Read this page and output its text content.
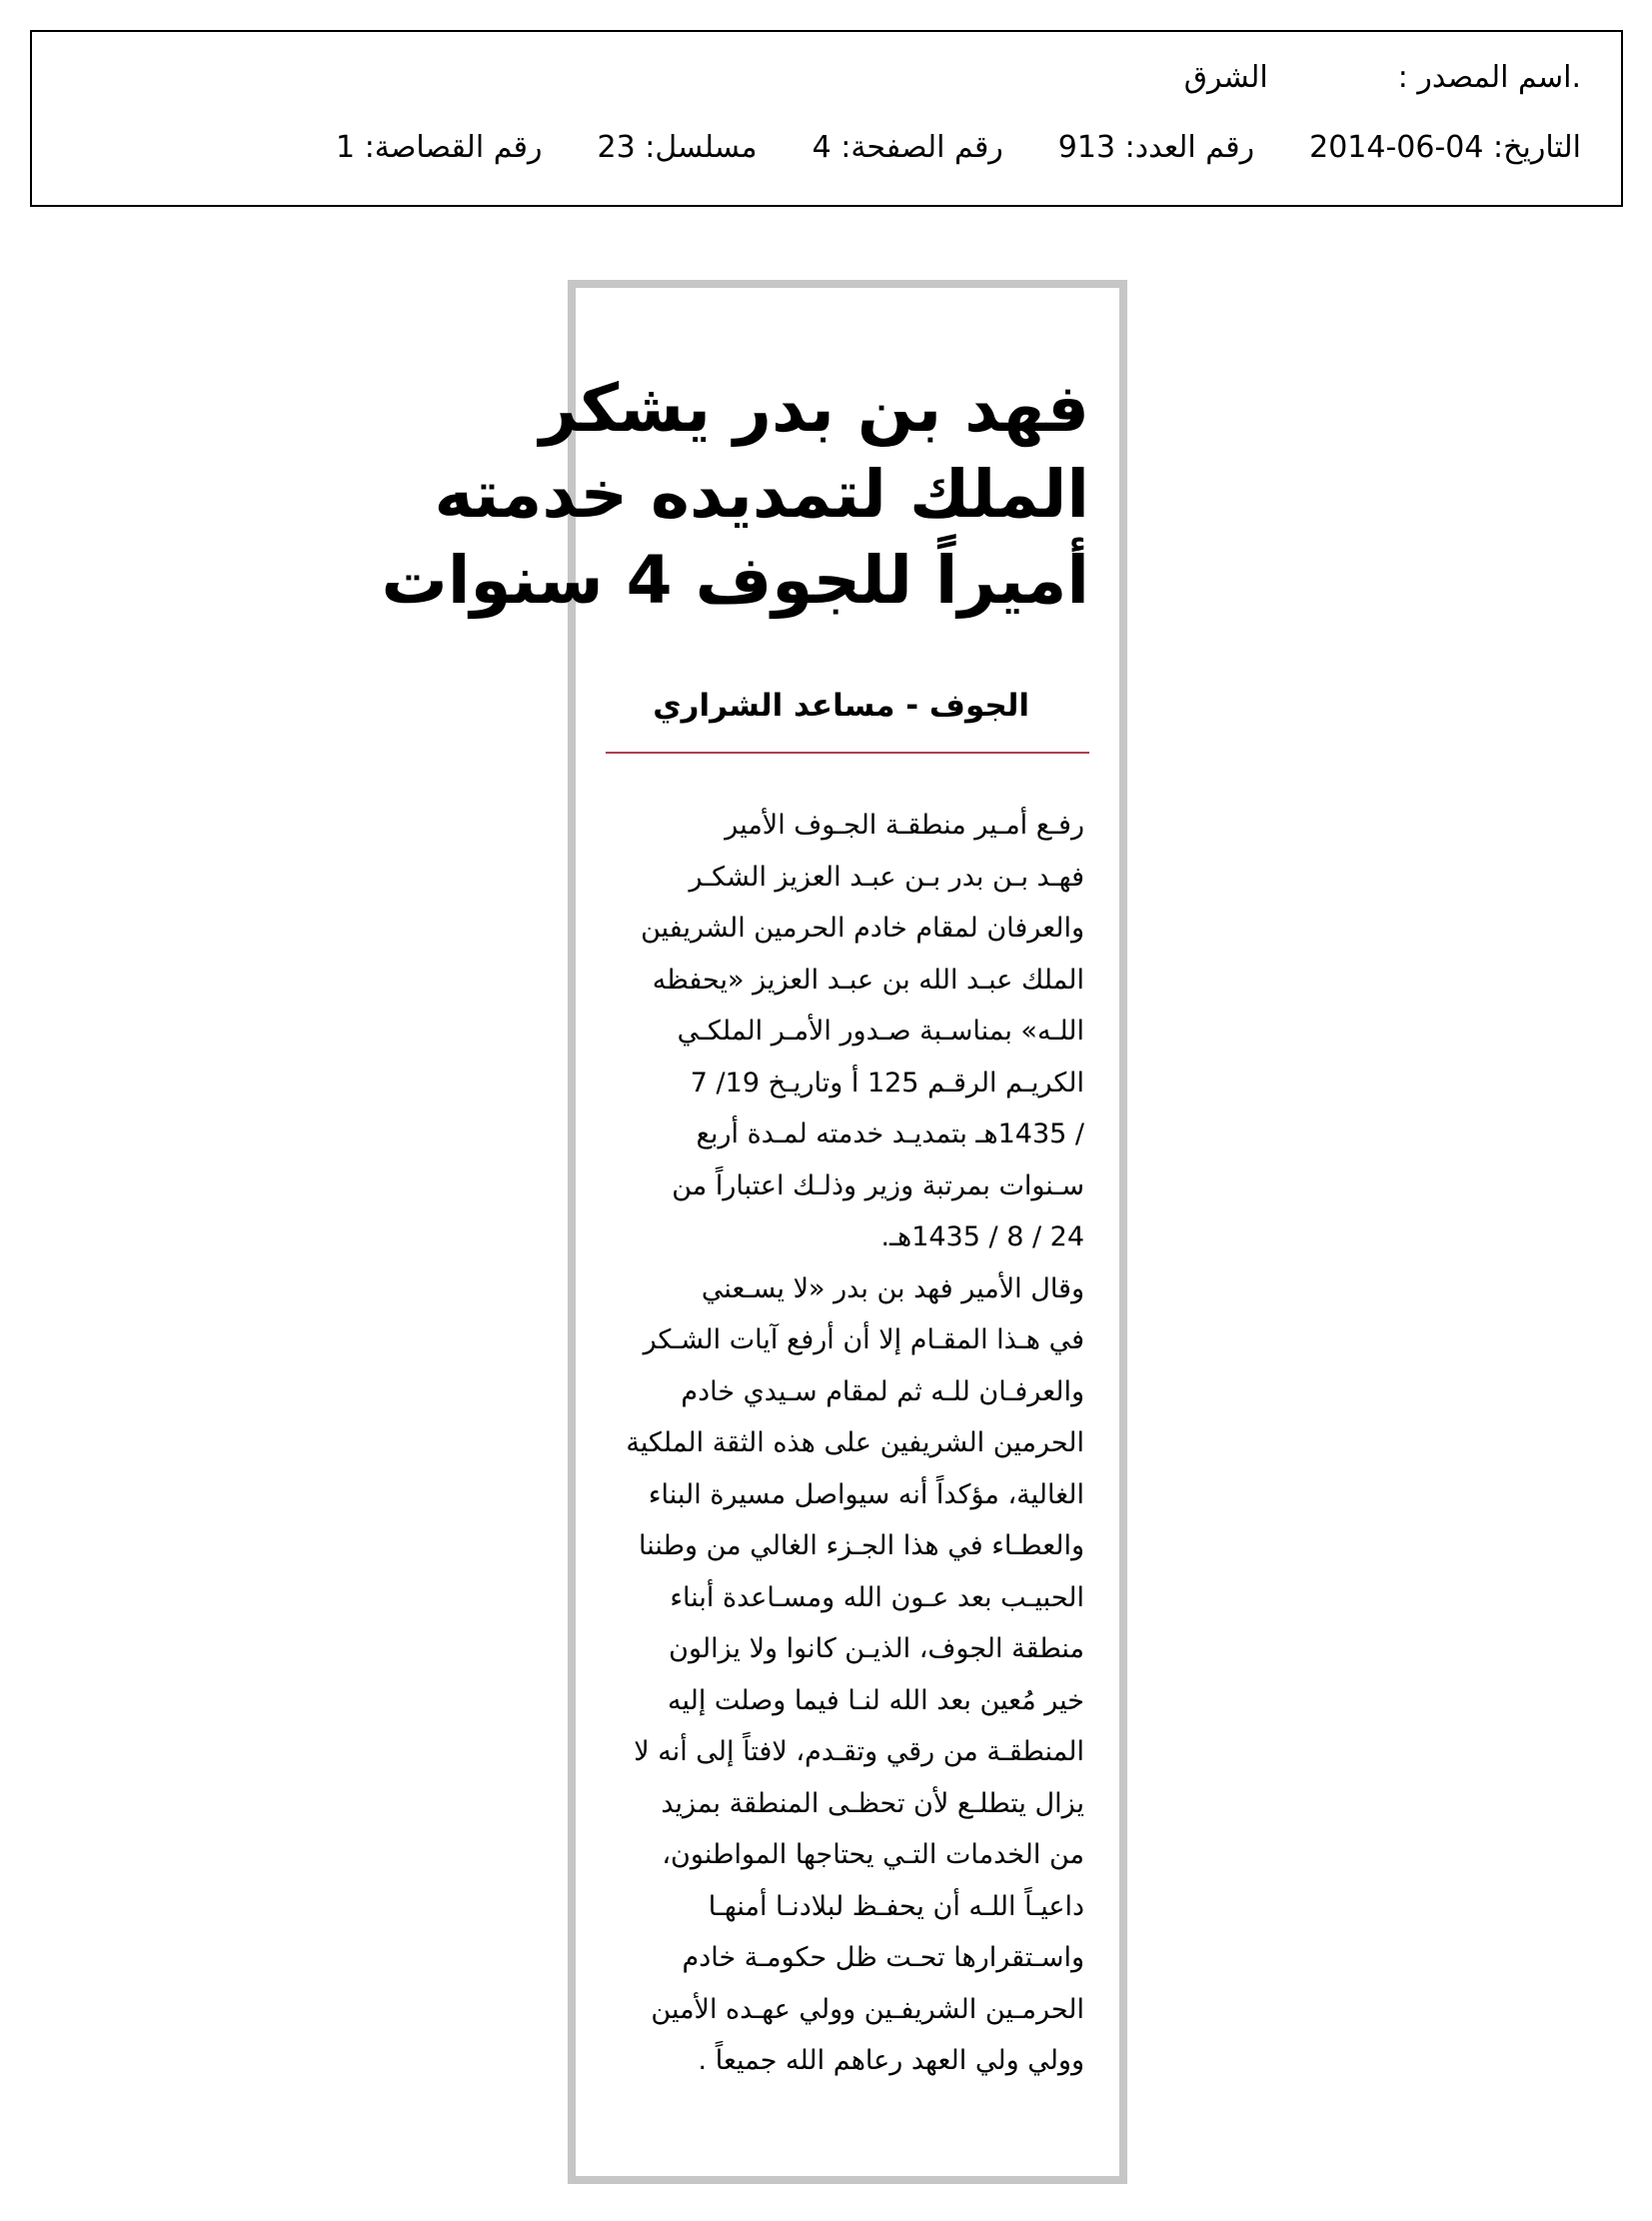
.اسم المصدر :الشرق
التاريخ: 2014-06-04رقم العدد: 913رقم الصفحة: 4مسلسل: 23رقم القصاصة: 1
فهد بن بدر يشكر
الملك لتمديده خدمته
أميراً للجوف 4 سنوات
الجوف - مساعد الشراري
رفـع أمـير منطقـة الجـوف الأمير
فهـد بـن بدر بـن عبـد العزيز الشكـر
والعرفان لمقام خادم الحرمين الشريفين
الملك عبـد الله بن عبـد العزيز «يحفظه
اللـه» بمناسـبة صـدور الأمـر الملكـي
الكريـم الرقـم 125 أ وتاريـخ 19/ 7
/ 1435هـ بتمديـد خدمته لمـدة أربع
سـنوات بمرتبة وزير وذلـك اعتباراً من
24 / 8 / 1435هـ.
وقال الأمير فهد بن بدر «لا يسـعني
في هـذا المقـام إلا أن أرفع آيات الشـكر
والعرفـان للـه ثم لمقام سـيدي خادم
الحرمين الشريفين على هذه الثقة الملكية
الغالية، مؤكداً أنه سيواصل مسيرة البناء
والعطـاء في هذا الجـزء الغالي من وطننا
الحبيـب بعد عـون الله ومسـاعدة أبناء
منطقة الجوف، الذيـن كانوا ولا يزالون
خير مُعين بعد الله لنـا فيما وصلت إليه
المنطقـة من رقي وتقـدم، لافتاً إلى أنه لا
يزال يتطلـع لأن تحظـى المنطقة بمزيد
من الخدمات التـي يحتاجها المواطنون،
داعيـاً اللـه أن يحفـظ لبلادنـا أمنهـا
واسـتقرارها تحـت ظل حكومـة خادم
الحرمـين الشريفـين وولي عهـده الأمين
وولي ولي العهد رعاهم الله جميعاً .
